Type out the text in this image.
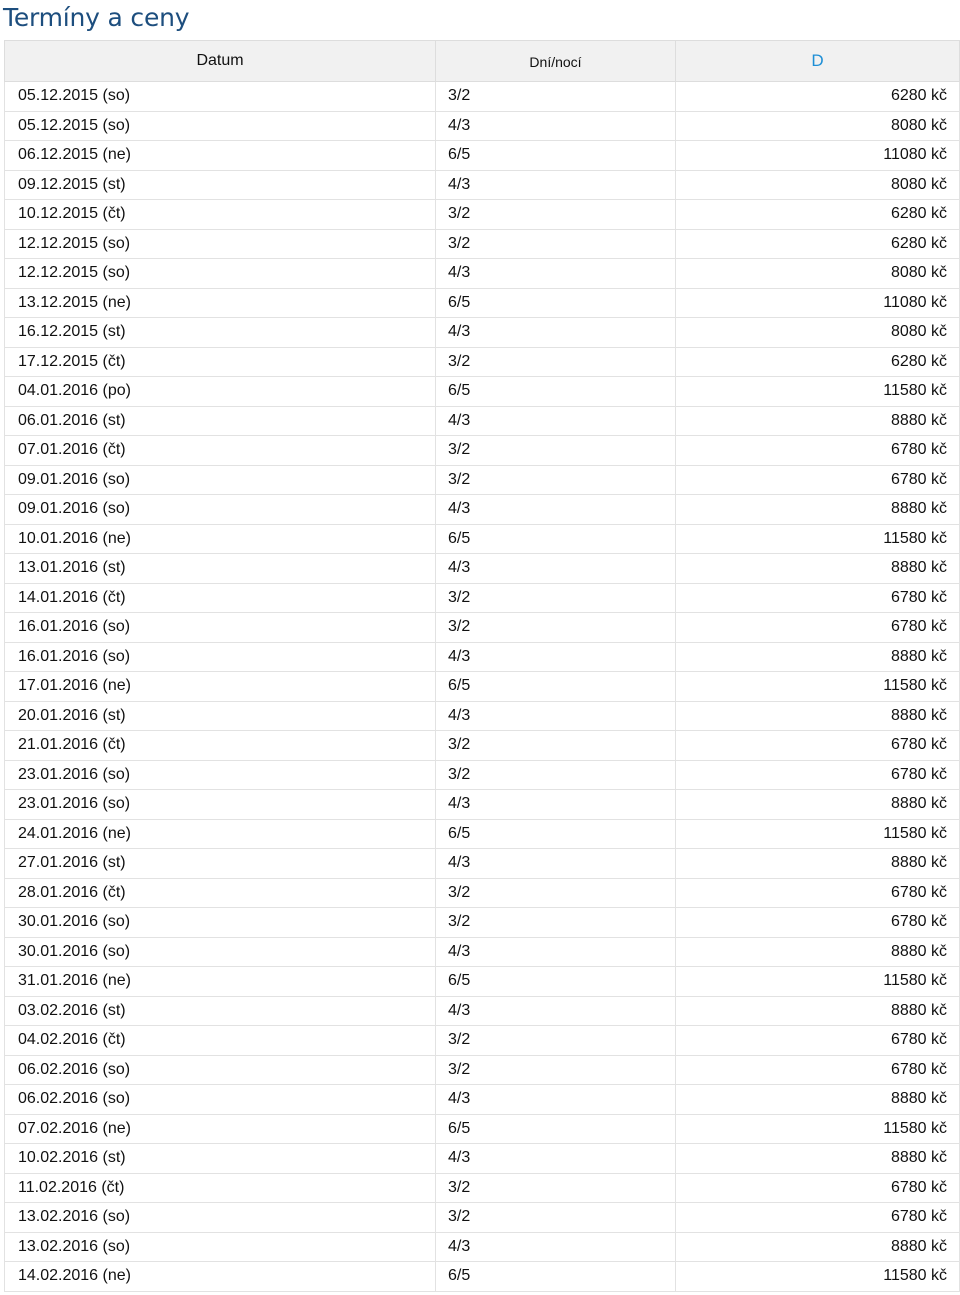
Termíny a ceny
Datum	Dní/nocí	D
05.12.2015 (so)	3/2	6280 kč
05.12.2015 (so)	4/3	8080 kč
06.12.2015 (ne)	6/5	11080 kč
09.12.2015 (st)	4/3	8080 kč
10.12.2015 (čt)	3/2	6280 kč
12.12.2015 (so)	3/2	6280 kč
12.12.2015 (so)	4/3	8080 kč
13.12.2015 (ne)	6/5	11080 kč
16.12.2015 (st)	4/3	8080 kč
17.12.2015 (čt)	3/2	6280 kč
04.01.2016 (po)	6/5	11580 kč
06.01.2016 (st)	4/3	8880 kč
07.01.2016 (čt)	3/2	6780 kč
09.01.2016 (so)	3/2	6780 kč
09.01.2016 (so)	4/3	8880 kč
10.01.2016 (ne)	6/5	11580 kč
13.01.2016 (st)	4/3	8880 kč
14.01.2016 (čt)	3/2	6780 kč
16.01.2016 (so)	3/2	6780 kč
16.01.2016 (so)	4/3	8880 kč
17.01.2016 (ne)	6/5	11580 kč
20.01.2016 (st)	4/3	8880 kč
21.01.2016 (čt)	3/2	6780 kč
23.01.2016 (so)	3/2	6780 kč
23.01.2016 (so)	4/3	8880 kč
24.01.2016 (ne)	6/5	11580 kč
27.01.2016 (st)	4/3	8880 kč
28.01.2016 (čt)	3/2	6780 kč
30.01.2016 (so)	3/2	6780 kč
30.01.2016 (so)	4/3	8880 kč
31.01.2016 (ne)	6/5	11580 kč
03.02.2016 (st)	4/3	8880 kč
04.02.2016 (čt)	3/2	6780 kč
06.02.2016 (so)	3/2	6780 kč
06.02.2016 (so)	4/3	8880 kč
07.02.2016 (ne)	6/5	11580 kč
10.02.2016 (st)	4/3	8880 kč
11.02.2016 (čt)	3/2	6780 kč
13.02.2016 (so)	3/2	6780 kč
13.02.2016 (so)	4/3	8880 kč
14.02.2016 (ne)	6/5	11580 kč
